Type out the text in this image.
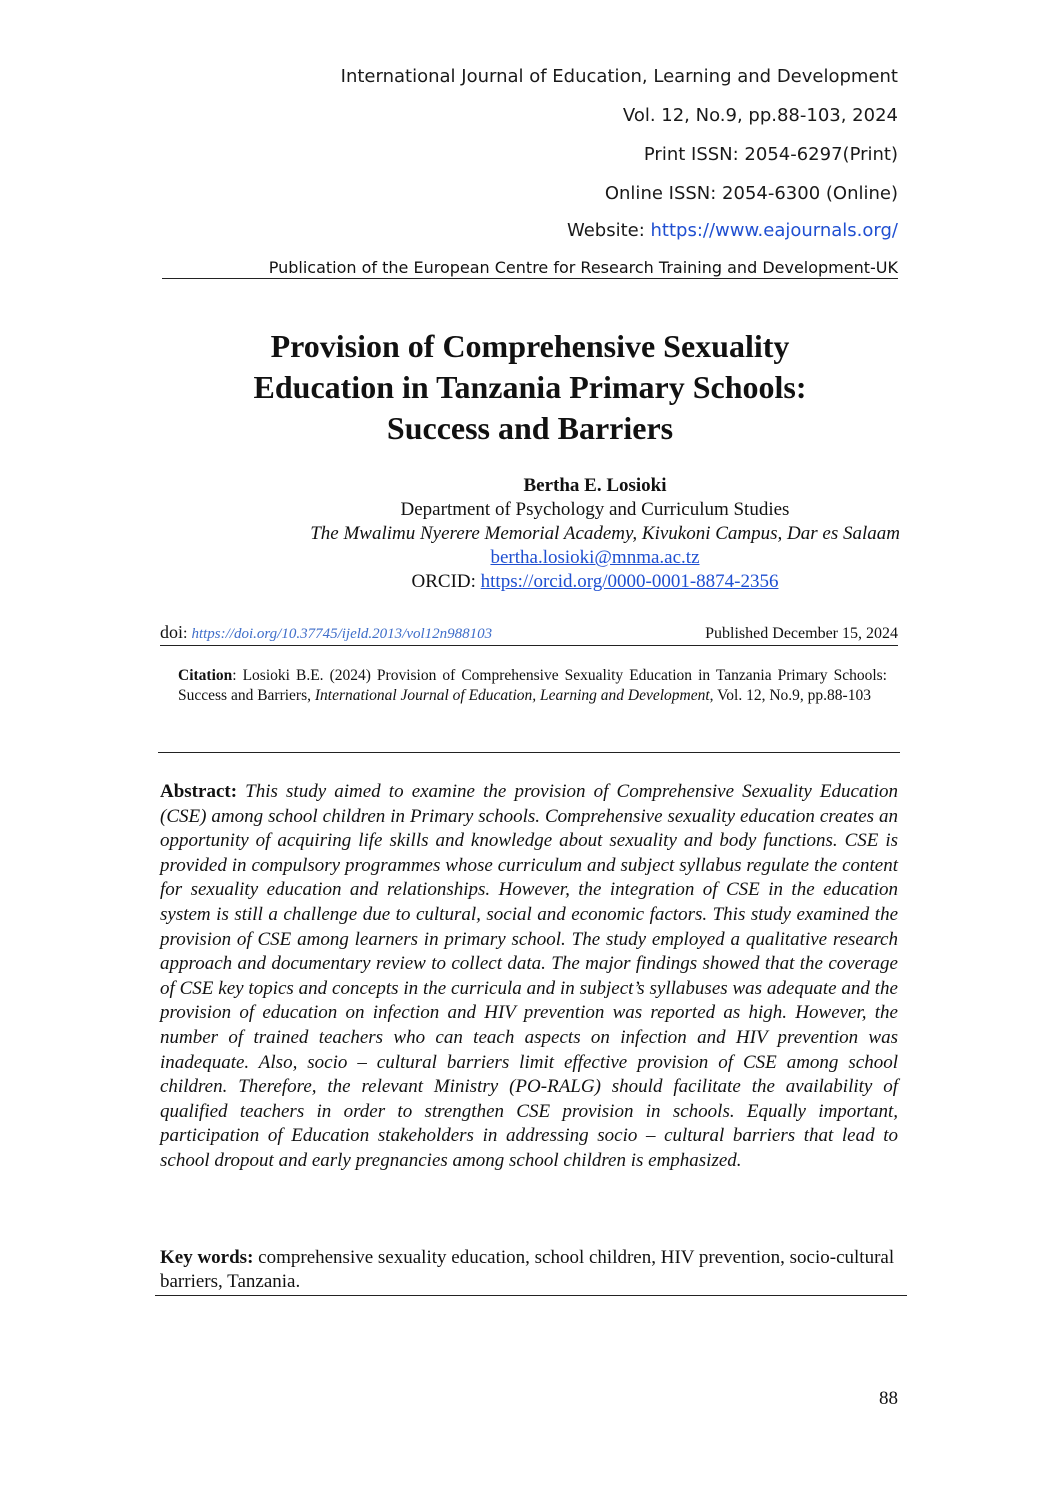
International Journal of Education, Learning and Development
Vol. 12, No.9, pp.88-103, 2024
Print ISSN: 2054-6297(Print)
Online ISSN: 2054-6300 (Online)
Website: https://www.eajournals.org/
Publication of the European Centre for Research Training and Development-UK
Provision of Comprehensive Sexuality
Education in Tanzania Primary Schools:
Success and Barriers
Bertha E. Losioki
Department of Psychology and Curriculum Studies
The Mwalimu Nyerere Memorial Academy, Kivukoni Campus, Dar es Salaam
bertha.losioki@mnma.ac.tz
ORCID: https://orcid.org/0000-0001-8874-2356
doi: https://doi.org/10.37745/ijeld.2013/vol12n988103	Published December 15, 2024
Citation: Losioki B.E. (2024) Provision of Comprehensive Sexuality Education in Tanzania Primary Schools: Success and Barriers, International Journal of Education, Learning and Development, Vol. 12, No.9, pp.88-103
Abstract: This study aimed to examine the provision of Comprehensive Sexuality Education (CSE) among school children in Primary schools. Comprehensive sexuality education creates an opportunity of acquiring life skills and knowledge about sexuality and body functions. CSE is provided in compulsory programmes whose curriculum and subject syllabus regulate the content for sexuality education and relationships. However, the integration of CSE in the education system is still a challenge due to cultural, social and economic factors. This study examined the provision of CSE among learners in primary school. The study employed a qualitative research approach and documentary review to collect data. The major findings showed that the coverage of CSE key topics and concepts in the curricula and in subject’s syllabuses was adequate and the provision of education on infection and HIV prevention was reported as high. However, the number of trained teachers who can teach aspects on infection and HIV prevention was inadequate. Also, socio – cultural barriers limit effective provision of CSE among school children. Therefore, the relevant Ministry (PO-RALG) should facilitate the availability of qualified teachers in order to strengthen CSE provision in schools. Equally important, participation of Education stakeholders in addressing socio – cultural barriers that lead to school dropout and early pregnancies among school children is emphasized.
Key words: comprehensive sexuality education, school children, HIV prevention, socio-cultural barriers, Tanzania.
88
